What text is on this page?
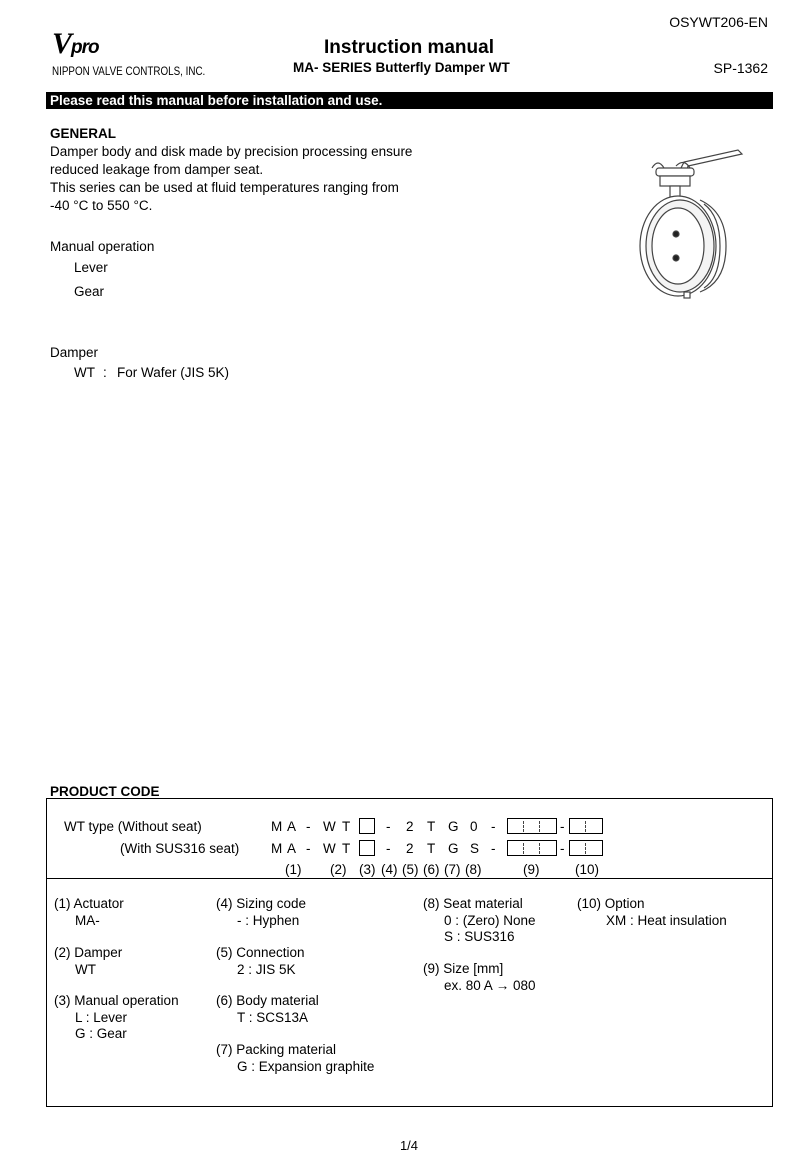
OSYWT206-EN
Vpro
NIPPON VALVE CONTROLS, INC.
Instruction manual
MA- SERIES Butterfly Damper WT	SP-1362
Please read this manual before installation and use.
GENERAL
Damper body and disk made by precision processing ensure
reduced leakage from damper seat.
This series can be used at fluid temperatures ranging from
-40 °C to 550 °C.
Manual operation
Lever
Gear
Damper
WT : For Wafer (JIS 5K)
PRODUCT CODE
WT type (Without seat)	M A - W T	- 2 T G 0 -	-
(With SUS316 seat) M A - W T	- 2 T G S -	-
(1) (2) (3) (4) (5) (6) (7) (8)	(9)	(10)
(1) Actuator
MA-
(2) Damper
WT
(3) Manual operation
L : Lever
G : Gear
(4) Sizing code
- : Hyphen
(5) Connection
2 : JIS 5K
(6) Body material
T : SCS13A
(7) Packing material
G : Expansion graphite
(8) Seat material
0 : (Zero) None
S : SUS316
(9) Size [mm]
ex. 80 A → 080
(10) Option
XM : Heat insulation
1/4
